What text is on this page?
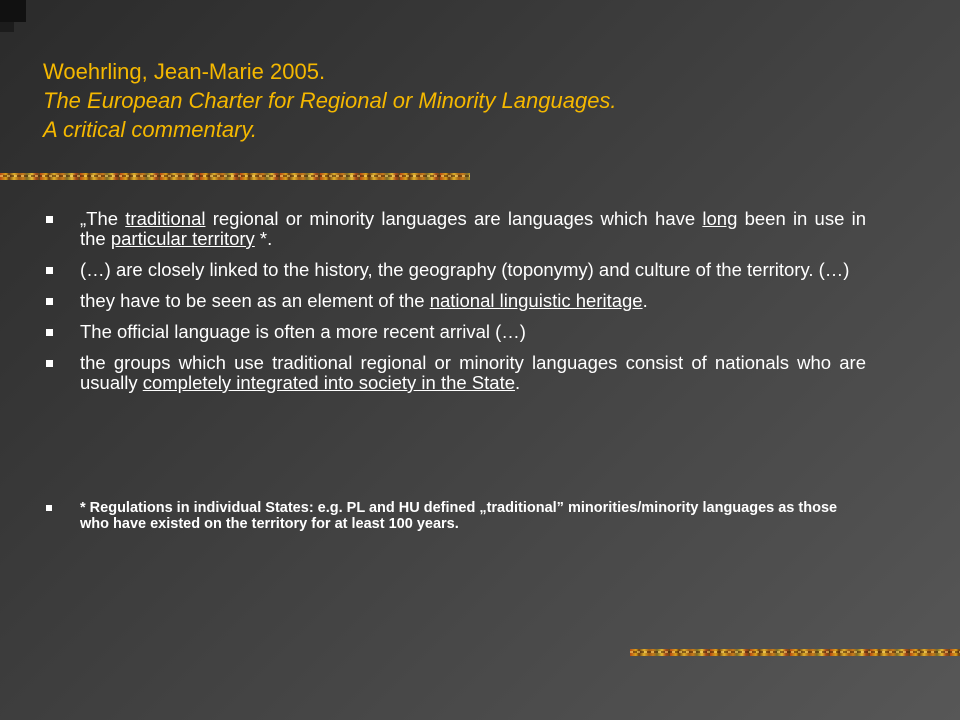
Woehrling, Jean-Marie 2005.
The European Charter for Regional or Minority Languages.
A critical commentary.
„The traditional regional or minority languages are languages which have long been in use in the particular territory *.
(…) are closely linked to the history, the geography (toponymy) and culture of the territory. (…)
they have to be seen as an element of the national linguistic heritage.
The official language is often a more recent arrival (…)
the groups which use traditional regional or minority languages consist of nationals who are usually completely integrated into society in the State.
* Regulations in individual States: e.g. PL and HU defined „traditional” minorities/minority languages as those who have existed on the territory for at least 100 years.
